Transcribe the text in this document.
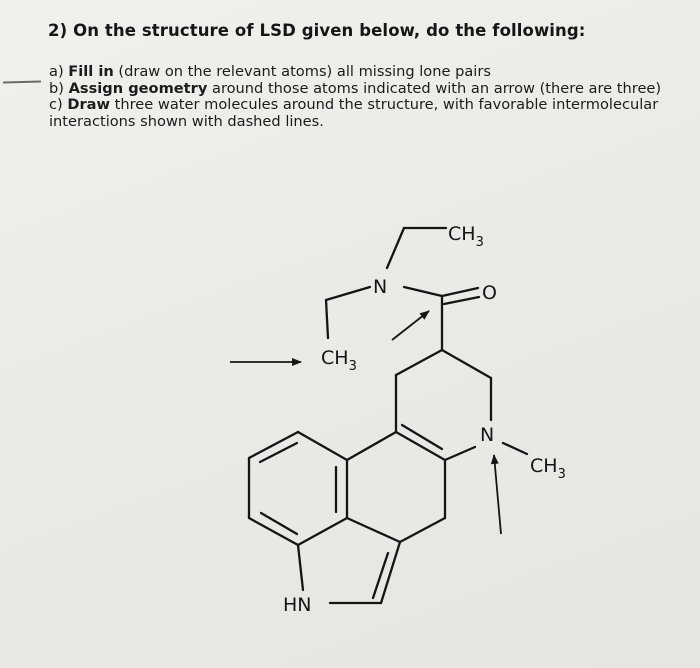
2) On the structure of LSD given below, do the following:
a) Fill in (draw on the relevant atoms) all missing lone pairs
b) Assign geometry around those atoms indicated with an arrow (there are three)
c) Draw three water molecules around the structure, with favorable intermolecular
interactions shown with dashed lines.
$CH_3$
N	O
$CH_3$
N
$CH_3$
HN
